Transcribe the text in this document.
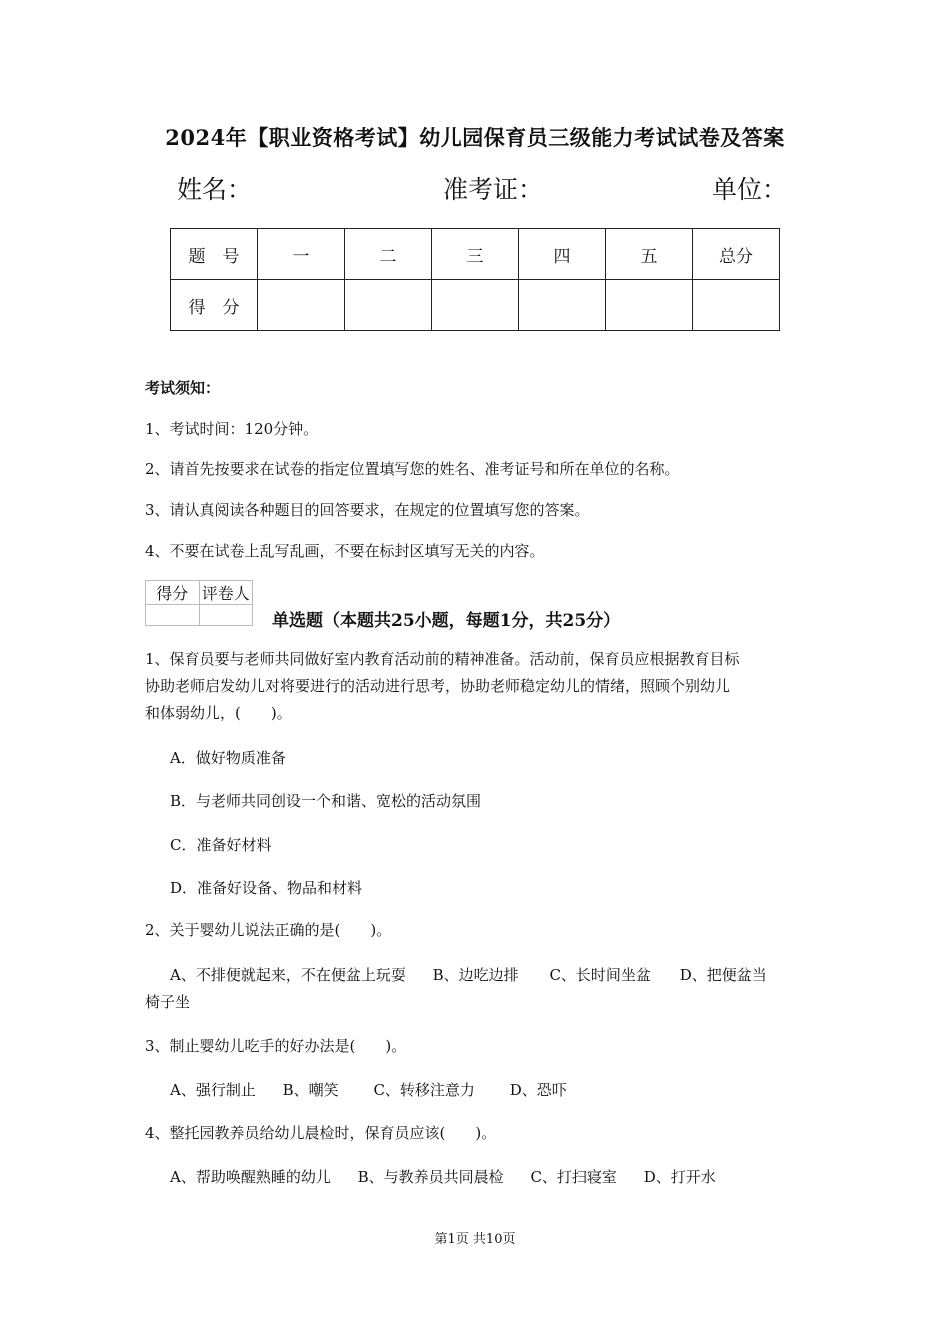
2024年【职业资格考试】幼儿园保育员三级能力考试试卷及答案
姓名：	准考证：	单位：
题　号	一	二	三	四	五	总分
得　分						
考试须知：
1、考试时间：120分钟。
2、请首先按要求在试卷的指定位置填写您的姓名、准考证号和所在单位的名称。
3、请认真阅读各种题目的回答要求，在规定的位置填写您的答案。
4、不要在试卷上乱写乱画，不要在标封区填写无关的内容。
得分	评卷人

单选题（本题共25小题，每题1分，共25分）
1、保育员要与老师共同做好室内教育活动前的精神准备。活动前，保育员应根据教育目标
协助老师启发幼儿对将要进行的活动进行思考，协助老师稳定幼儿的情绪，照顾个别幼儿
和体弱幼儿，(　　)。
A．做好物质准备
B．与老师共同创设一个和谐、宽松的活动氛围
C．准备好材料
D．准备好设备、物品和材料
2、关于婴幼儿说法正确的是(　　)。
A、不排便就起来，不在便盆上玩耍 B、边吃边排 C、长时间坐盆 D、把便盆当
椅子坐
3、制止婴幼儿吃手的好办法是(　　)。
A、强行制止 B、嘲笑 C、转移注意力 D、恐吓
4、整托园教养员给幼儿晨检时，保育员应该(　　)。
A、帮助唤醒熟睡的幼儿 B、与教养员共同晨检 C、打扫寝室 D、打开水
第1页 共10页
